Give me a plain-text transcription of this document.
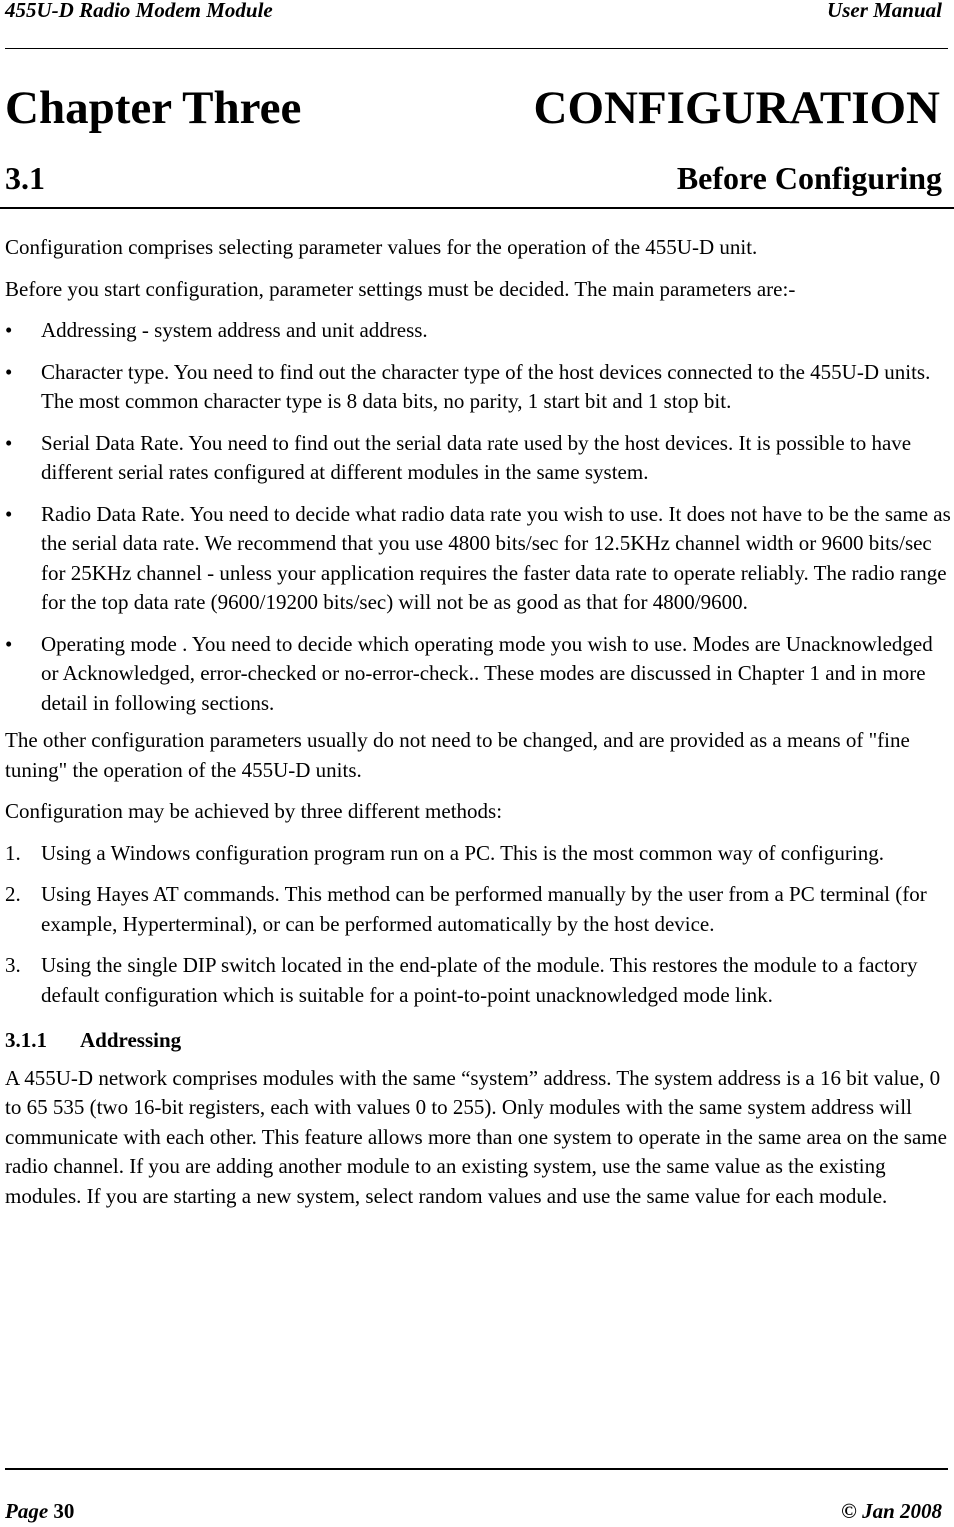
455U-D Radio Modem Module	User Manual
Chapter Three	CONFIGURATION
3.1	Before Configuring

Configuration comprises selecting parameter values for the operation of the 455U-D unit.

Before you start configuration, parameter settings must be decided. The main parameters are:-

•	Addressing - system address and unit address.
•	Character type. You need to find out the character type of the host devices connected to the 455U-D units. The most common character type is 8 data bits, no parity, 1 start bit and 1 stop bit.
•	Serial Data Rate. You need to find out the serial data rate used by the host devices. It is possible to have different serial rates configured at different modules in the same system.
•	Radio Data Rate. You need to decide what radio data rate you wish to use. It does not have to be the same as the serial data rate. We recommend that you use 4800 bits/sec for 12.5KHz channel width or 9600 bits/sec for 25KHz channel - unless your application requires the faster data rate to operate reliably. The radio range for the top data rate (9600/19200 bits/sec) will not be as good as that for 4800/9600.
•	Operating mode . You need to decide which operating mode you wish to use. Modes are Unacknowledged or Acknowledged, error-checked or no-error-check.. These modes are discussed in Chapter 1 and in more detail in following sections.

The other configuration parameters usually do not need to be changed, and are provided as a means of "fine tuning" the operation of the 455U-D units.

Configuration may be achieved by three different methods:

1. Using a Windows configuration program run on a PC. This is the most common way of configuring.
2. Using Hayes AT commands. This method can be performed manually by the user from a PC terminal (for example, Hyperterminal), or can be performed automatically by the host device.
3. Using the single DIP switch located in the end-plate of the module. This restores the module to a factory default configuration which is suitable for a point-to-point unacknowledged mode link.
3.1.1 Addressing

A 455U-D network comprises modules with the same “system” address. The system address is a 16 bit value, 0 to 65 535 (two 16-bit registers, each with values 0 to 255). Only modules with the same system address will communicate with each other. This feature allows more than one system to operate in the same area on the same radio channel. If you are adding another module to an existing system, use the same value as the existing modules. If you are starting a new system, select random values and use the same value for each module.

Page 30	© Jan 2008
